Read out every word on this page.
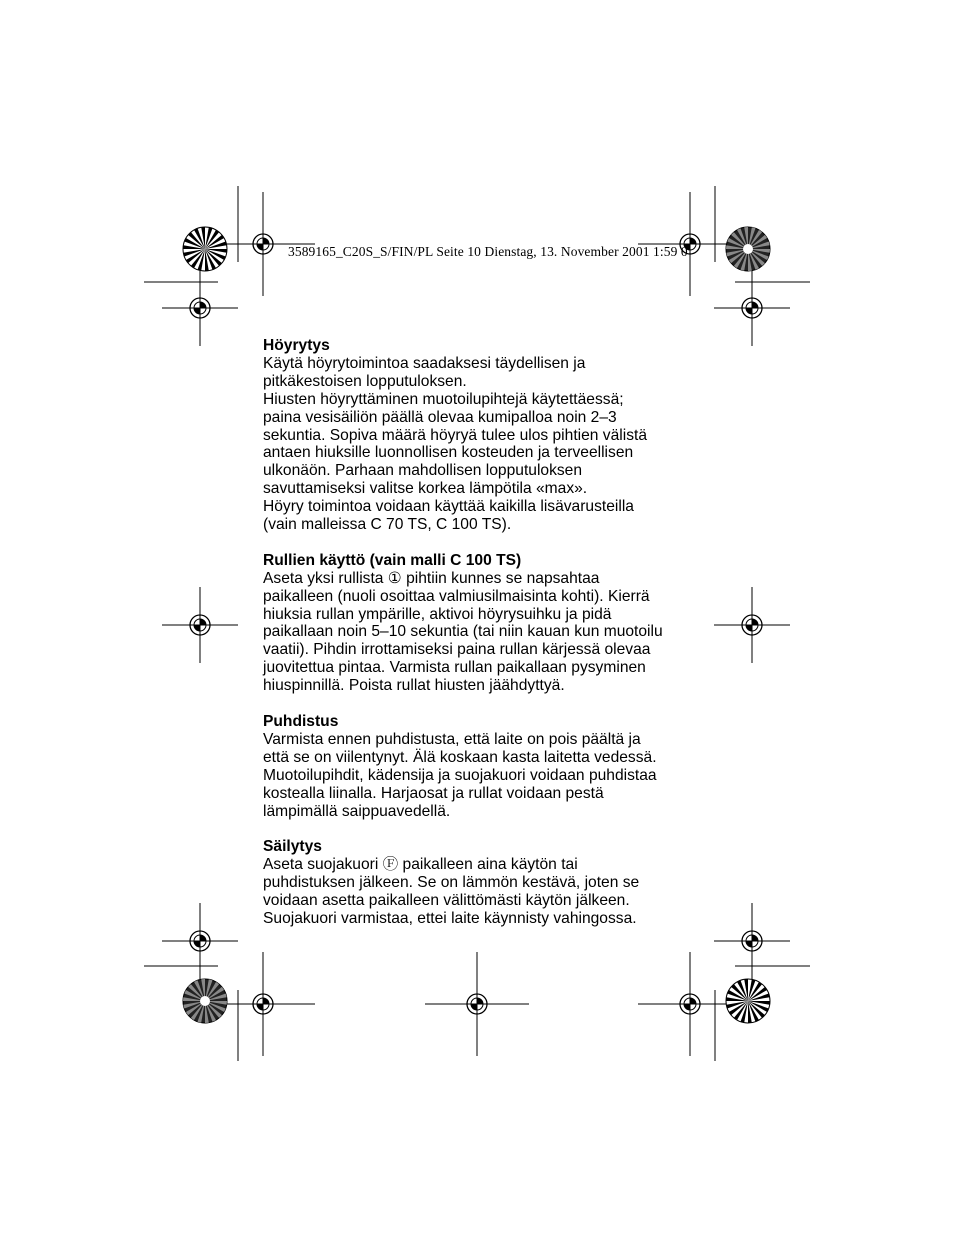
3589165_C20S_S/FIN/PL Seite 10 Dienstag, 13. November 2001 1:59 0
Höyrytys

Käytä höyrytoimintoa saadaksesi täydellisen ja
pitkäkestoisen lopputuloksen.
Hiusten höyryttäminen muotoilupihtejä käytettäessä;
paina vesisäiliön päällä olevaa kumipalloa noin 2–3
sekuntia. Sopiva määrä höyryä tulee ulos pihtien välistä
antaen hiuksille luonnollisen kosteuden ja terveellisen
ulkonäön. Parhaan mahdollisen lopputuloksen
savuttamiseksi valitse korkea lämpötila «max».
Höyry toimintoa voidaan käyttää kaikilla lisävarusteilla
(vain malleissa C 70 TS, C 100 TS).

Rullien käyttö (vain malli C 100 TS)

Aseta yksi rullista ① pihtiin kunnes se napsahtaa
paikalleen (nuoli osoittaa valmiusilmaisinta kohti). Kierrä
hiuksia rullan ympärille, aktivoi höyrysuihku ja pidä
paikallaan noin 5–10 sekuntia (tai niin kauan kun muotoilu
vaatii). Pihdin irrottamiseksi paina rullan kärjessä olevaa
juovitettua pintaa. Varmista rullan paikallaan pysyminen
hiuspinnillä. Poista rullat hiusten jäähdyttyä.

Puhdistus

Varmista ennen puhdistusta, että laite on pois päältä ja
että se on viilentynyt. Älä koskaan kasta laitetta vedessä.
Muotoilupihdit, kädensija ja suojakuori voidaan puhdistaa
kostealla liinalla. Harjaosat ja rullat voidaan pestä
lämpimällä saippuavedellä.

Säilytys

Aseta suojakuori Ⓕ paikalleen aina käytön tai
puhdistuksen jälkeen. Se on lämmön kestävä, joten se
voidaan asetta paikalleen välittömästi käytön jälkeen.
Suojakuori varmistaa, ettei laite käynnisty vahingossa.
